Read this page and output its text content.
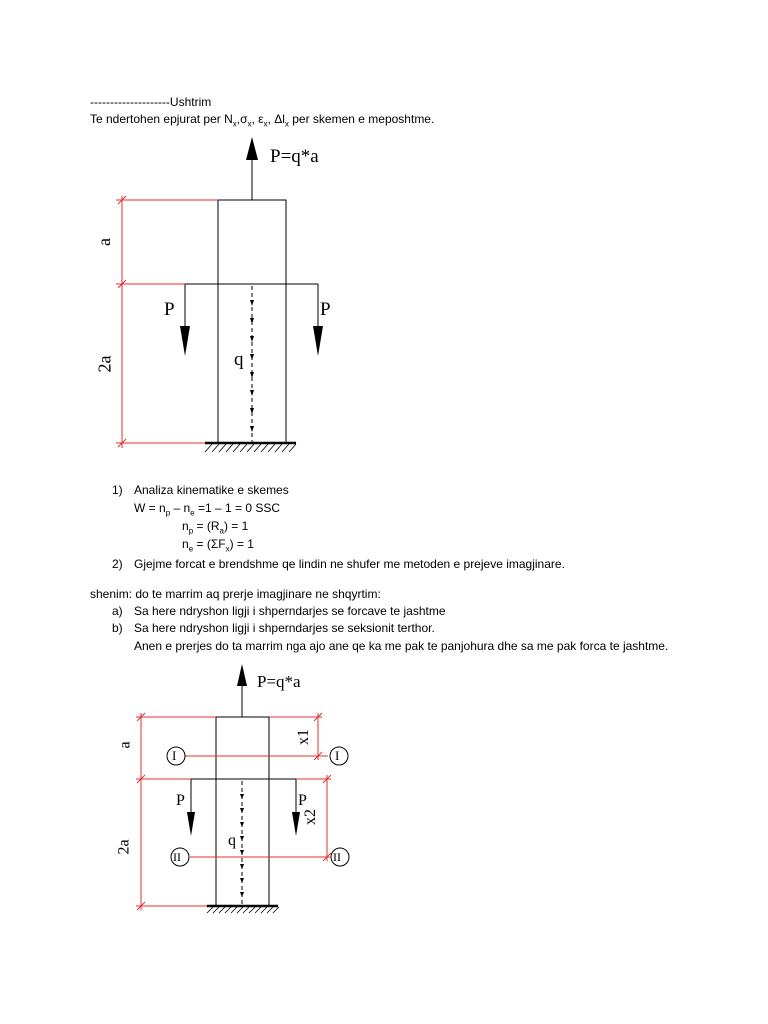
--------------------Ushtrim
Te ndertohen epjurat per $N_x,\sigma_x$, $\varepsilon_x$, $\Delta l_x$ per skemen e meposhtme.
P=q*a
a
2a
P	P
q
1) Analiza kinematike e skemes
$W = n_p - n_e =1 - 1 = 0$ SSC
$n_p = (R_a) = 1$
$n_e = (\Sigma F_x) = 1$
2) Gjejme forcat e brendshme qe lindin ne shufer me metoden e prejeve imagjinare.
shenim: do te marrim aq prerje imagjinare ne shqyrtim:
a) Sa here ndryshon ligji i shperndarjes se forcave te jashtme
b) Sa here ndryshon ligji i shperndarjes se seksionit terthor.
Anen e prerjes do ta marrim nga ajo ane qe ka me pak te panjohura dhe sa me pak forca te jashtme.
P=q*a
a
2a
P	P
q
I	I
II	II
x1
x2
